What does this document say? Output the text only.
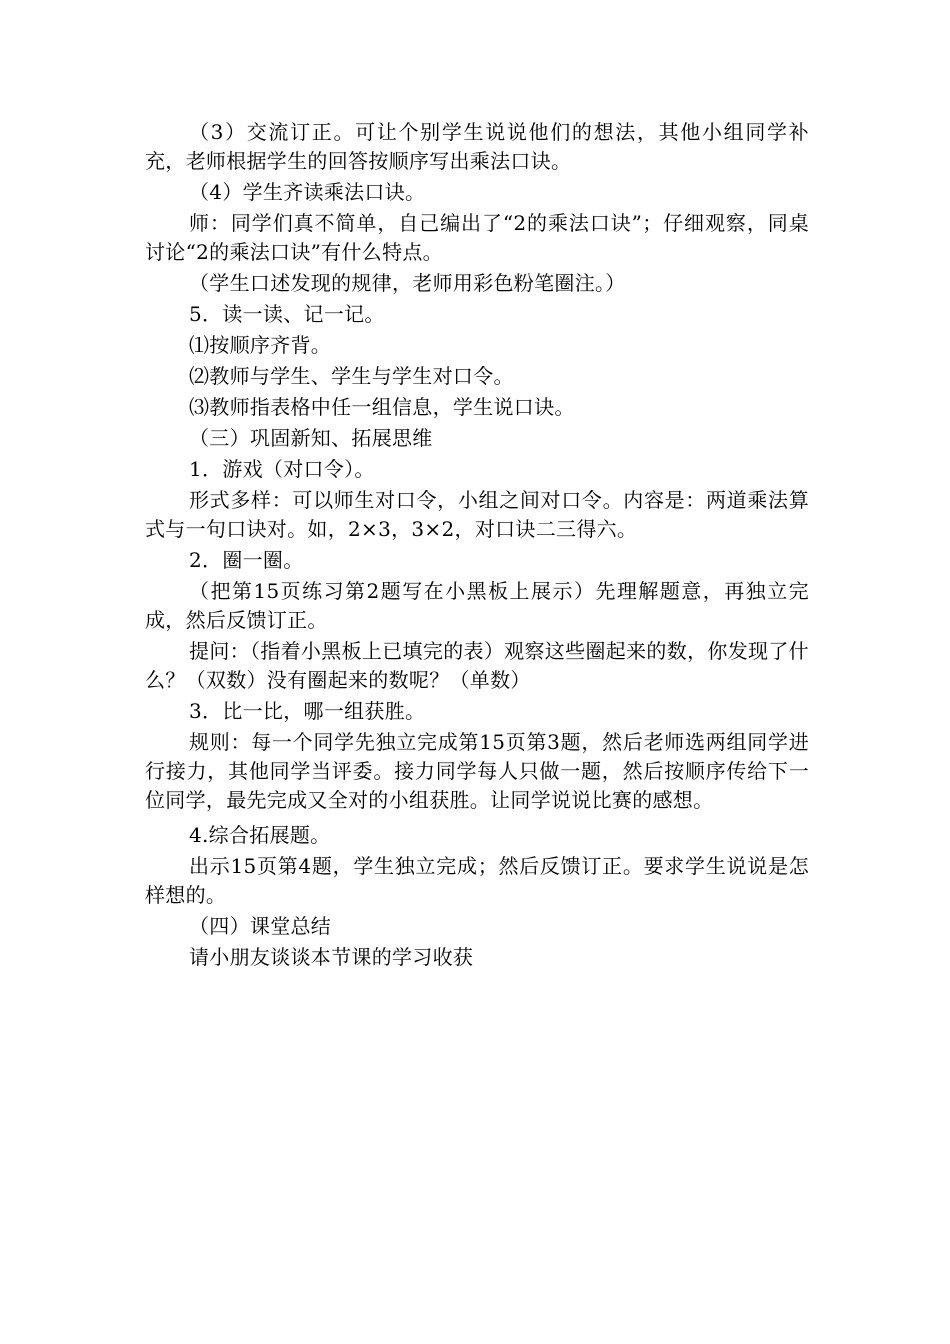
（3）交流订正。可让个别学生说说他们的想法，其他小组同学补充，老师根据学生的回答按顺序写出乘法口诀。

（4）学生齐读乘法口诀。

师：同学们真不简单，自己编出了“2的乘法口诀”；仔细观察，同桌讨论“2的乘法口诀”有什么特点。

（学生口述发现的规律，老师用彩色粉笔圈注。）

5．读一读、记一记。

⑴按顺序齐背。

⑵教师与学生、学生与学生对口令。

⑶教师指表格中任一组信息，学生说口诀。

（三）巩固新知、拓展思维

1．游戏（对口令）。

形式多样：可以师生对口令，小组之间对口令。内容是：两道乘法算式与一句口诀对。如，2×3，3×2，对口诀二三得六。

2．圈一圈。

（把第15页练习第2题写在小黑板上展示）先理解题意，再独立完成，然后反馈订正。

提问：（指着小黑板上已填完的表）观察这些圈起来的数，你发现了什么？（双数）没有圈起来的数呢？（单数）

3．比一比，哪一组获胜。

规则：每一个同学先独立完成第15页第3题，然后老师选两组同学进行接力，其他同学当评委。接力同学每人只做一题，然后按顺序传给下一位同学，最先完成又全对的小组获胜。让同学说说比赛的感想。

4.综合拓展题。

出示15页第4题，学生独立完成；然后反馈订正。要求学生说说是怎样想的。

（四）课堂总结

请小朋友谈谈本节课的学习收获
